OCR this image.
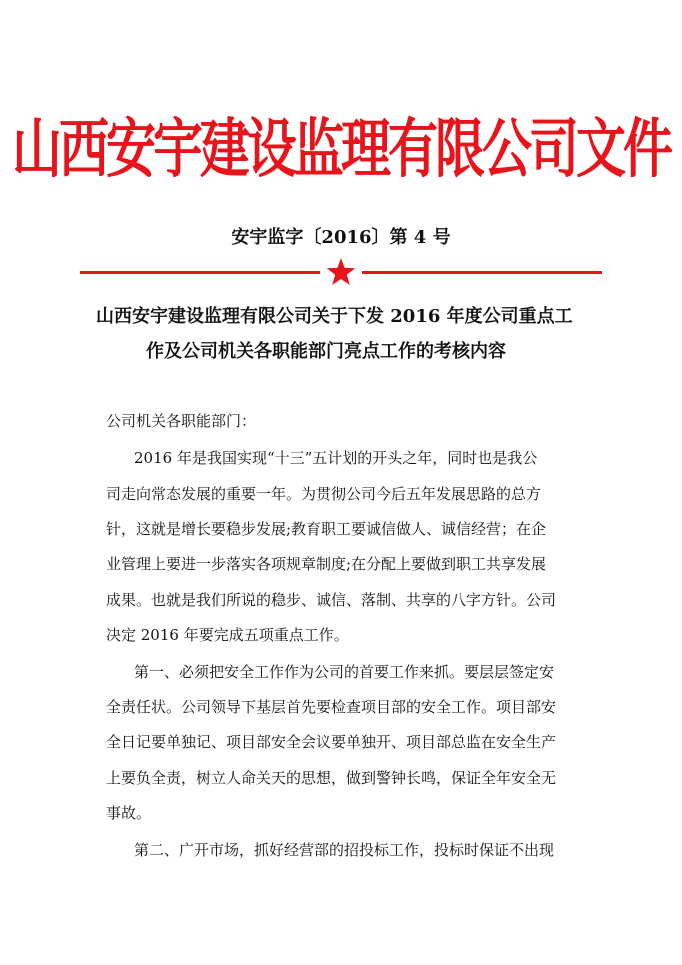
山西安宇建设监理有限公司文件
安宇监字〔2016〕第 4 号
山西安宇建设监理有限公司关于下发 2016 年度公司重点工
作及公司机关各职能部门亮点工作的考核内容
公司机关各职能部门：
2016 年是我国实现“十三”五计划的开头之年，同时也是我公
司走向常态发展的重要一年。为贯彻公司今后五年发展思路的总方
针，这就是增长要稳步发展;教育职工要诚信做人、诚信经营；在企
业管理上要进一步落实各项规章制度;在分配上要做到职工共享发展
成果。也就是我们所说的稳步、诚信、落制、共享的八字方针。公司
决定 2016 年要完成五项重点工作。
第一、必须把安全工作作为公司的首要工作来抓。要层层签定安
全责任状。公司领导下基层首先要检查项目部的安全工作。项目部安
全日记要单独记、项目部安全会议要单独开、项目部总监在安全生产
上要负全责，树立人命关天的思想，做到警钟长鸣，保证全年安全无
事故。
第二、广开市场，抓好经营部的招投标工作，投标时保证不出现
